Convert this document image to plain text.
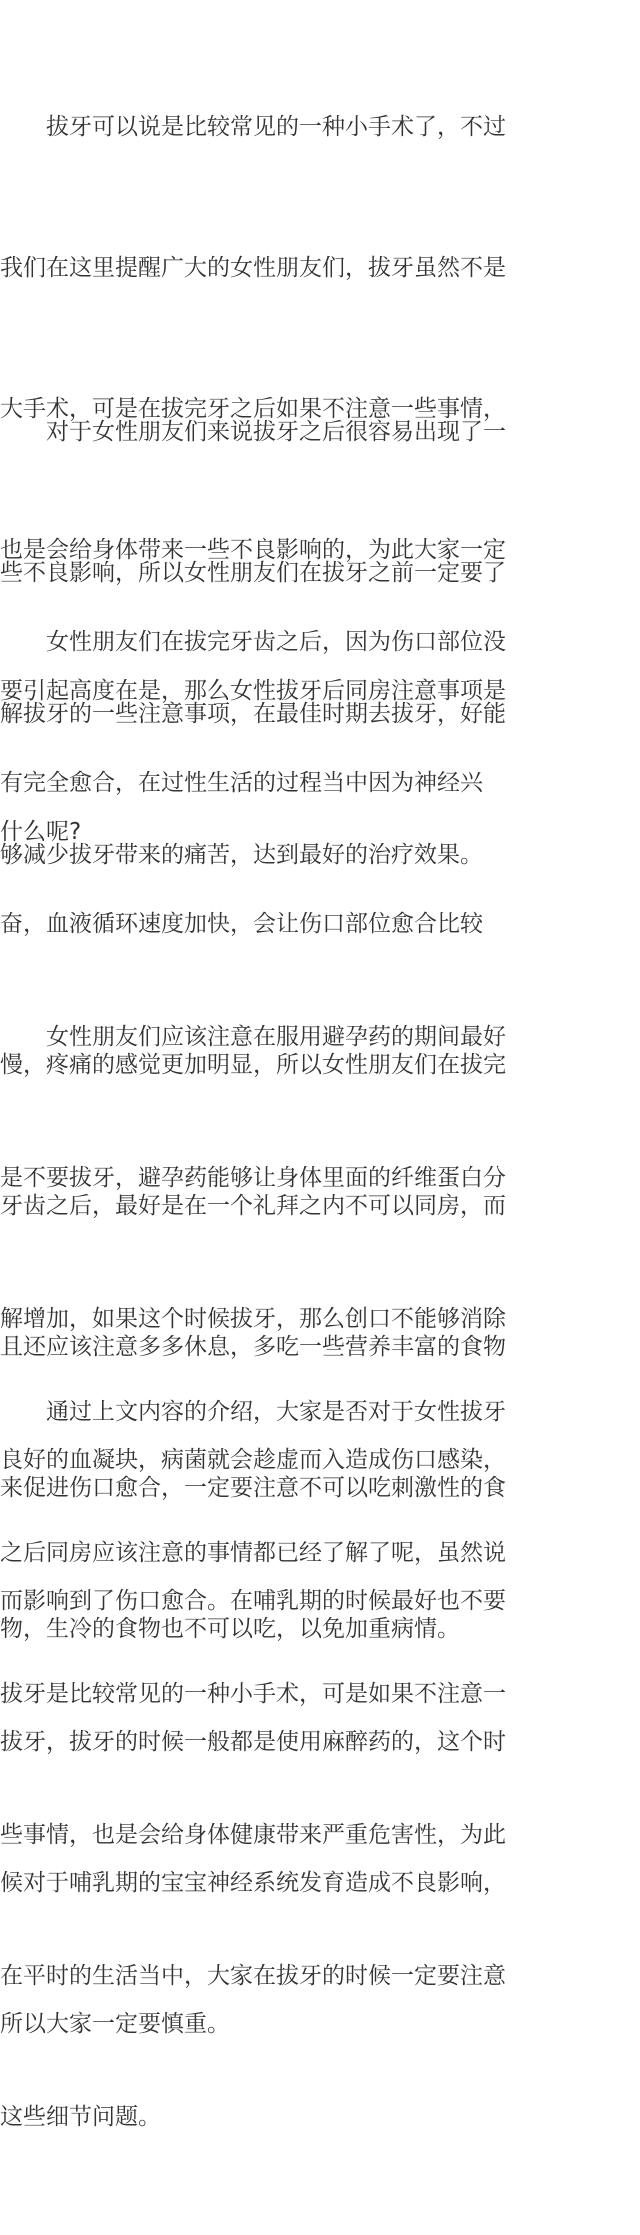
拔牙可以说是比较常见的一种小手术了，不过

我们在这里提醒广大的女性朋友们，拔牙虽然不是

大手术，可是在拔完牙之后如果不注意一些事情，

也是会给身体带来一些不良影响的，为此大家一定

要引起高度在是，那么女性拔牙后同房注意事项是

什么呢?

对于女性朋友们来说拔牙之后很容易出现了一

些不良影响，所以女性朋友们在拔牙之前一定要了

解拔牙的一些注意事项，在最佳时期去拔牙，好能

够减少拔牙带来的痛苦，达到最好的治疗效果。

女性朋友们在拔完牙齿之后，因为伤口部位没

有完全愈合，在过性生活的过程当中因为神经兴

奋，血液循环速度加快，会让伤口部位愈合比较

慢，疼痛的感觉更加明显，所以女性朋友们在拔完

牙齿之后，最好是在一个礼拜之内不可以同房，而

且还应该注意多多休息，多吃一些营养丰富的食物

来促进伤口愈合，一定要注意不可以吃刺激性的食

物，生冷的食物也不可以吃，以免加重病情。

女性朋友们应该注意在服用避孕药的期间最好

是不要拔牙，避孕药能够让身体里面的纤维蛋白分

解增加，如果这个时候拔牙，那么创口不能够消除

良好的血凝块，病菌就会趁虚而入造成伤口感染，

而影响到了伤口愈合。在哺乳期的时候最好也不要

拔牙，拔牙的时候一般都是使用麻醉药的，这个时

候对于哺乳期的宝宝神经系统发育造成不良影响，

所以大家一定要慎重。

通过上文内容的介绍，大家是否对于女性拔牙

之后同房应该注意的事情都已经了解了呢，虽然说

拔牙是比较常见的一种小手术，可是如果不注意一

些事情，也是会给身体健康带来严重危害性，为此

在平时的生活当中，大家在拔牙的时候一定要注意

这些细节问题。
